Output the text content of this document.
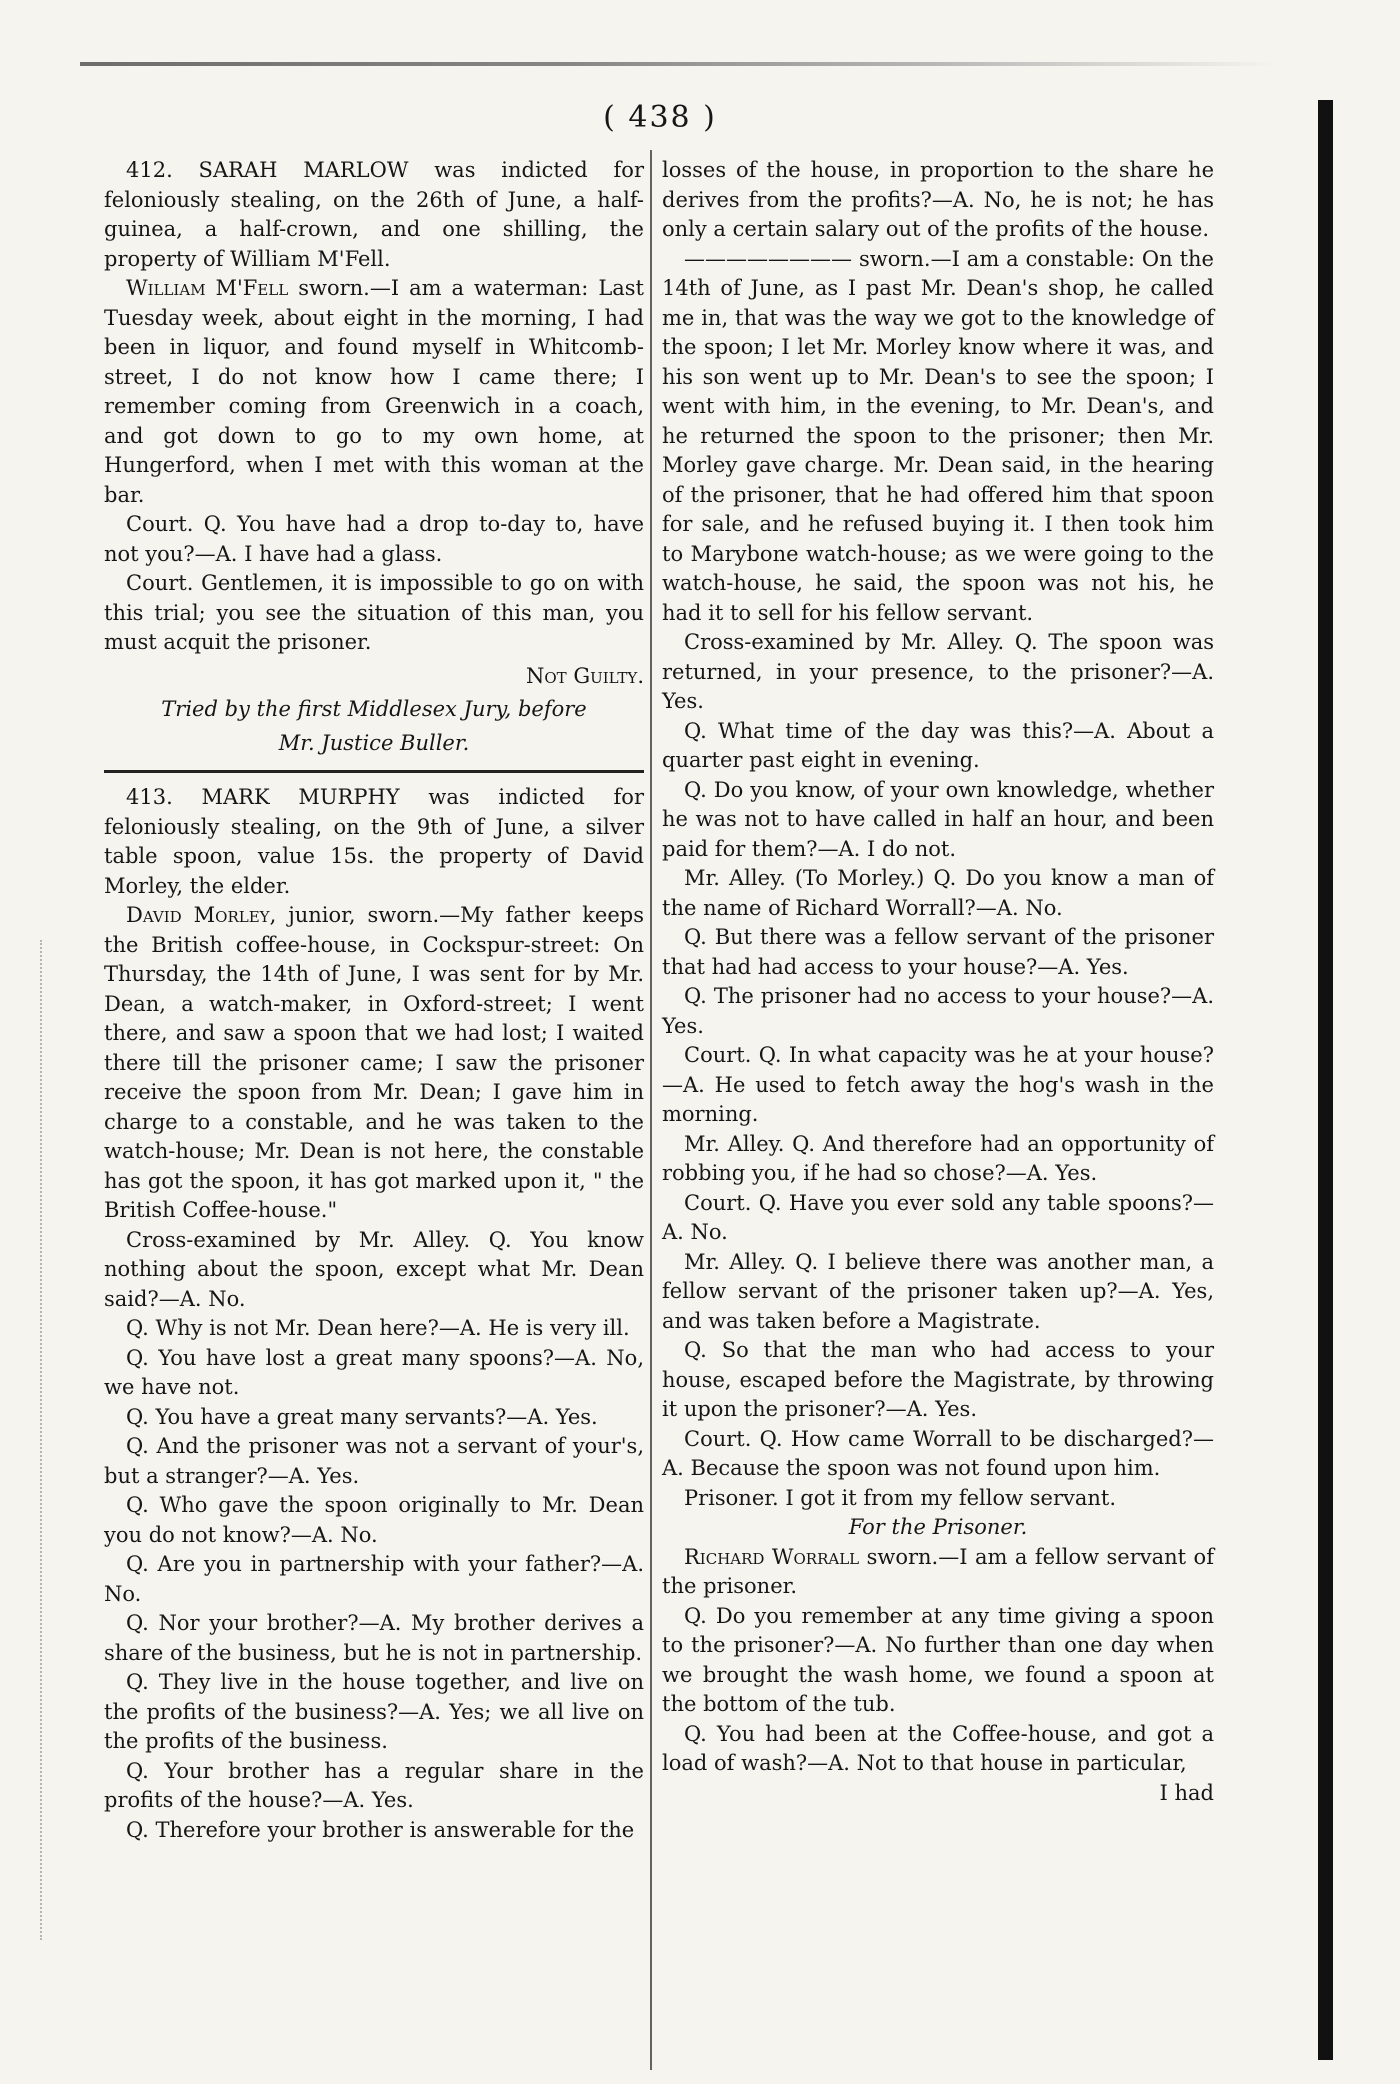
( 438 )

412. SARAH MARLOW was indicted for feloniously stealing, on the 26th of June, a half-guinea, a half-crown, and one shilling, the property of William M'Fell.

William M'Fell sworn.—I am a waterman: Last Tuesday week, about eight in the morning, I had been in liquor, and found myself in Whitcomb-street, I do not know how I came there; I remember coming from Greenwich in a coach, and got down to go to my own home, at Hungerford, when I met with this woman at the bar.

Court. Q. You have had a drop to-day to, have not you?—A. I have had a glass.

Court. Gentlemen, it is impossible to go on with this trial; you see the situation of this man, you must acquit the prisoner.

Not Guilty.

Tried by the first Middlesex Jury, before

Mr. Justice Buller.

413. MARK MURPHY was indicted for feloniously stealing, on the 9th of June, a silver table spoon, value 15s. the property of David Morley, the elder.

David Morley, junior, sworn.—My father keeps the British coffee-house, in Cockspur-street: On Thursday, the 14th of June, I was sent for by Mr. Dean, a watch-maker, in Oxford-street; I went there, and saw a spoon that we had lost; I waited there till the prisoner came; I saw the prisoner receive the spoon from Mr. Dean; I gave him in charge to a constable, and he was taken to the watch-house; Mr. Dean is not here, the constable has got the spoon, it has got marked upon it, " the British Coffee-house."

Cross-examined by Mr. Alley. Q. You know nothing about the spoon, except what Mr. Dean said?—A. No.

Q. Why is not Mr. Dean here?—A. He is very ill.

Q. You have lost a great many spoons?—A. No, we have not.

Q. You have a great many servants?—A. Yes.

Q. And the prisoner was not a servant of your's, but a stranger?—A. Yes.

Q. Who gave the spoon originally to Mr. Dean you do not know?—A. No.

Q. Are you in partnership with your father?—A. No.

Q. Nor your brother?—A. My brother derives a share of the business, but he is not in partnership.

Q. They live in the house together, and live on the profits of the business?—A. Yes; we all live on the profits of the business.

Q. Your brother has a regular share in the profits of the house?—A. Yes.

Q. Therefore your brother is answerable for the

losses of the house, in proportion to the share he derives from the profits?—A. No, he is not; he has only a certain salary out of the profits of the house.

———————— sworn.—I am a constable: On the 14th of June, as I past Mr. Dean's shop, he called me in, that was the way we got to the knowledge of the spoon; I let Mr. Morley know where it was, and his son went up to Mr. Dean's to see the spoon; I went with him, in the evening, to Mr. Dean's, and he returned the spoon to the prisoner; then Mr. Morley gave charge. Mr. Dean said, in the hearing of the prisoner, that he had offered him that spoon for sale, and he refused buying it. I then took him to Marybone watch-house; as we were going to the watch-house, he said, the spoon was not his, he had it to sell for his fellow servant.

Cross-examined by Mr. Alley. Q. The spoon was returned, in your presence, to the prisoner?—A. Yes.

Q. What time of the day was this?—A. About a quarter past eight in evening.

Q. Do you know, of your own knowledge, whether he was not to have called in half an hour, and been paid for them?—A. I do not.

Mr. Alley. (To Morley.) Q. Do you know a man of the name of Richard Worrall?—A. No.

Q. But there was a fellow servant of the prisoner that had had access to your house?—A. Yes.

Q. The prisoner had no access to your house?—A. Yes.

Court. Q. In what capacity was he at your house?—A. He used to fetch away the hog's wash in the morning.

Mr. Alley. Q. And therefore had an opportunity of robbing you, if he had so chose?—A. Yes.

Court. Q. Have you ever sold any table spoons?—A. No.

Mr. Alley. Q. I believe there was another man, a fellow servant of the prisoner taken up?—A. Yes, and was taken before a Magistrate.

Q. So that the man who had access to your house, escaped before the Magistrate, by throwing it upon the prisoner?—A. Yes.

Court. Q. How came Worrall to be discharged?—A. Because the spoon was not found upon him.

Prisoner. I got it from my fellow servant.

For the Prisoner.

Richard Worrall sworn.—I am a fellow servant of the prisoner.

Q. Do you remember at any time giving a spoon to the prisoner?—A. No further than one day when we brought the wash home, we found a spoon at the bottom of the tub.

Q. You had been at the Coffee-house, and got a load of wash?—A. Not to that house in particular,

I had
